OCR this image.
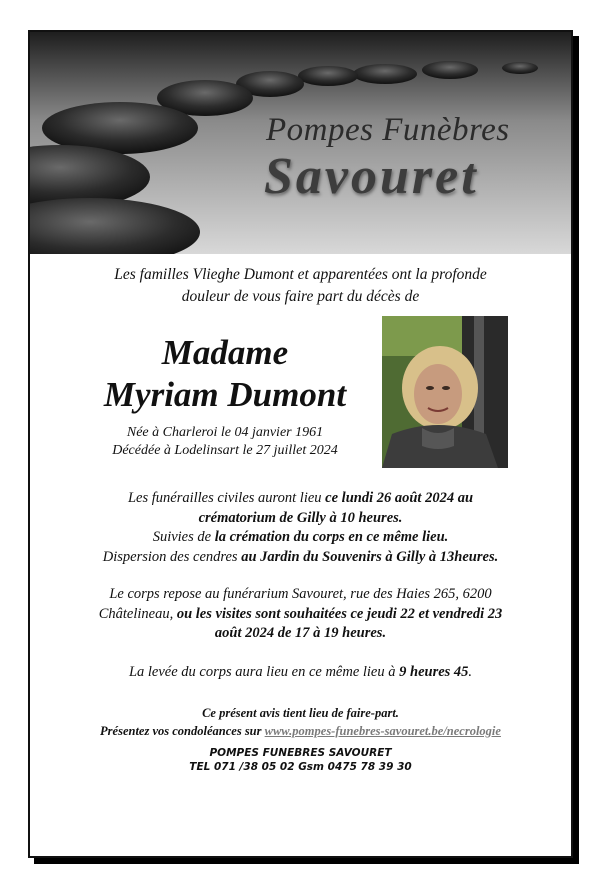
Pompes Funèbres
Savouret
Les familles Vlieghe Dumont et apparentées ont la profonde
douleur de vous faire part du décès de
Madame
Myriam Dumont
Née à Charleroi le 04 janvier 1961
Décédée à Lodelinsart le 27 juillet 2024
Les funérailles civiles auront lieu ce lundi 26 août 2024 au
crématorium de Gilly à 10 heures.
Suivies de la crémation du corps en ce même lieu.
Dispersion des cendres au Jardin du Souvenirs à Gilly à 13heures.
Le corps repose au funérarium Savouret, rue des Haies 265, 6200
Châtelineau, ou les visites sont souhaitées ce jeudi 22 et vendredi 23
août 2024 de 17 à 19 heures.
La levée du corps aura lieu en ce même lieu à 9 heures 45.
Ce présent avis tient lieu de faire-part.
Présentez vos condoléances sur www.pompes-funebres-savouret.be/necrologie
POMPES FUNEBRES SAVOURET
TEL 071 /38 05 02 Gsm 0475 78 39 30
